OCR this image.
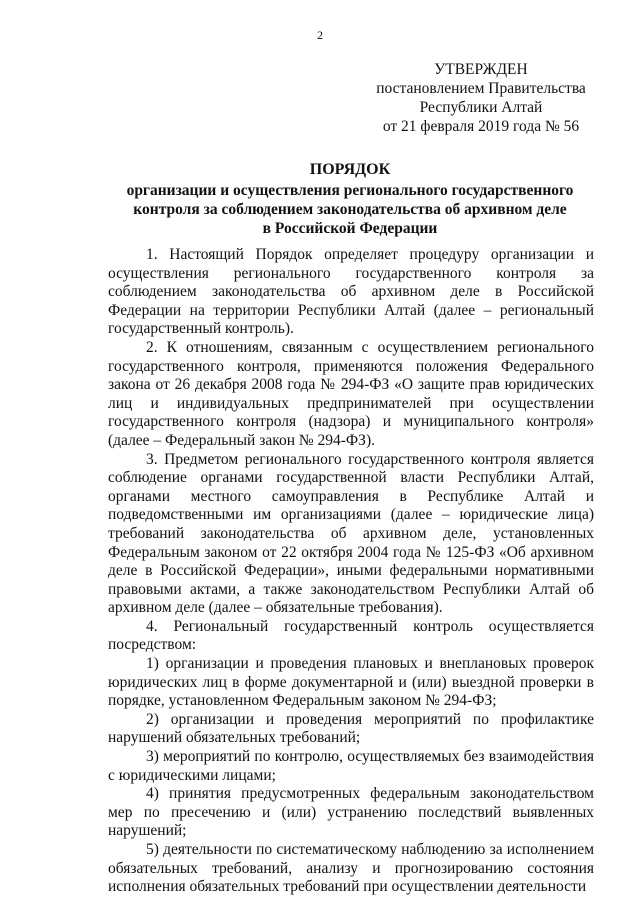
2
УТВЕРЖДЕН
постановлением Правительства
Республики Алтай
от 21 февраля 2019 года № 56
ПОРЯДОК
организации и осуществления регионального государственного
контроля за соблюдением законодательства об архивном деле
в Российской Федерации

1. Настоящий Порядок определяет процедуру организации и осуществления регионального государственного контроля за соблюдением законодательства об архивном деле в Российской Федерации на территории Республики Алтай (далее – региональный государственный контроль).

2. К отношениям, связанным с осуществлением регионального государственного контроля, применяются положения Федерального закона от 26 декабря 2008 года № 294-ФЗ «О защите прав юридических лиц и индивидуальных предпринимателей при осуществлении государственного контроля (надзора) и муниципального контроля» (далее – Федеральный закон № 294-ФЗ).

3. Предметом регионального государственного контроля является соблюдение органами государственной власти Республики Алтай, органами местного самоуправления в Республике Алтай и подведомственными им организациями (далее – юридические лица) требований законодательства об архивном деле, установленных Федеральным законом от 22 октября 2004 года № 125-ФЗ «Об архивном деле в Российской Федерации», иными федеральными нормативными правовыми актами, а также законодательством Республики Алтай об архивном деле (далее – обязательные требования).

4. Региональный государственный контроль осуществляется посредством:

1) организации и проведения плановых и внеплановых проверок юридических лиц в форме документарной и (или) выездной проверки в порядке, установленном Федеральным законом № 294-ФЗ;

2) организации и проведения мероприятий по профилактике нарушений обязательных требований;

3) мероприятий по контролю, осуществляемых без взаимодействия с юридическими лицами;

4) принятия предусмотренных федеральным законодательством мер по пресечению и (или) устранению последствий выявленных нарушений;

5) деятельности по систематическому наблюдению за исполнением обязательных требований, анализу и прогнозированию состояния исполнения обязательных требований при осуществлении деятельности
